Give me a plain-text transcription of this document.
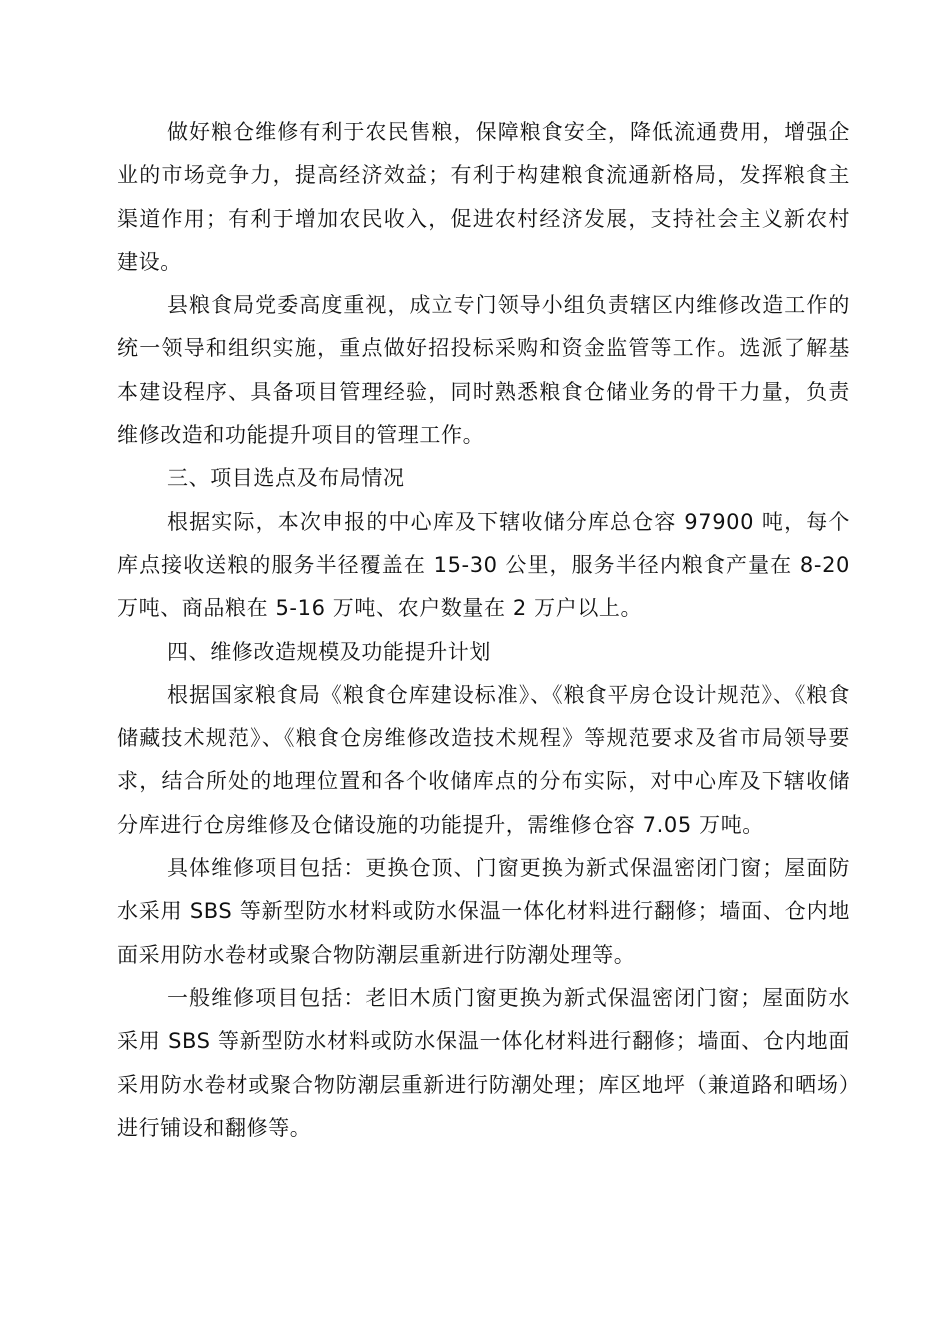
做好粮仓维修有利于农民售粮，保障粮食安全，降低流通费用，增强企业的市场竞争力，提高经济效益；有利于构建粮食流通新格局，发挥粮食主渠道作用；有利于增加农民收入，促进农村经济发展，支持社会主义新农村建设。

县粮食局党委高度重视，成立专门领导小组负责辖区内维修改造工作的统一领导和组织实施，重点做好招投标采购和资金监管等工作。选派了解基本建设程序、具备项目管理经验，同时熟悉粮食仓储业务的骨干力量，负责维修改造和功能提升项目的管理工作。

三、项目选点及布局情况

根据实际，本次申报的中心库及下辖收储分库总仓容 97900 吨，每个库点接收送粮的服务半径覆盖在 15-30 公里，服务半径内粮食产量在 8-20 万吨、商品粮在 5-16 万吨、农户数量在 2 万户以上。

四、维修改造规模及功能提升计划

根据国家粮食局《粮食仓库建设标准》、《粮食平房仓设计规范》、《粮食储藏技术规范》、《粮食仓房维修改造技术规程》等规范要求及省市局领导要求，结合所处的地理位置和各个收储库点的分布实际，对中心库及下辖收储分库进行仓房维修及仓储设施的功能提升，需维修仓容 7.05 万吨。

具体维修项目包括：更换仓顶、门窗更换为新式保温密闭门窗；屋面防水采用 SBS 等新型防水材料或防水保温一体化材料进行翻修；墙面、仓内地面采用防水卷材或聚合物防潮层重新进行防潮处理等。

一般维修项目包括：老旧木质门窗更换为新式保温密闭门窗；屋面防水采用 SBS 等新型防水材料或防水保温一体化材料进行翻修；墙面、仓内地面采用防水卷材或聚合物防潮层重新进行防潮处理；库区地坪（兼道路和晒场）进行铺设和翻修等。
